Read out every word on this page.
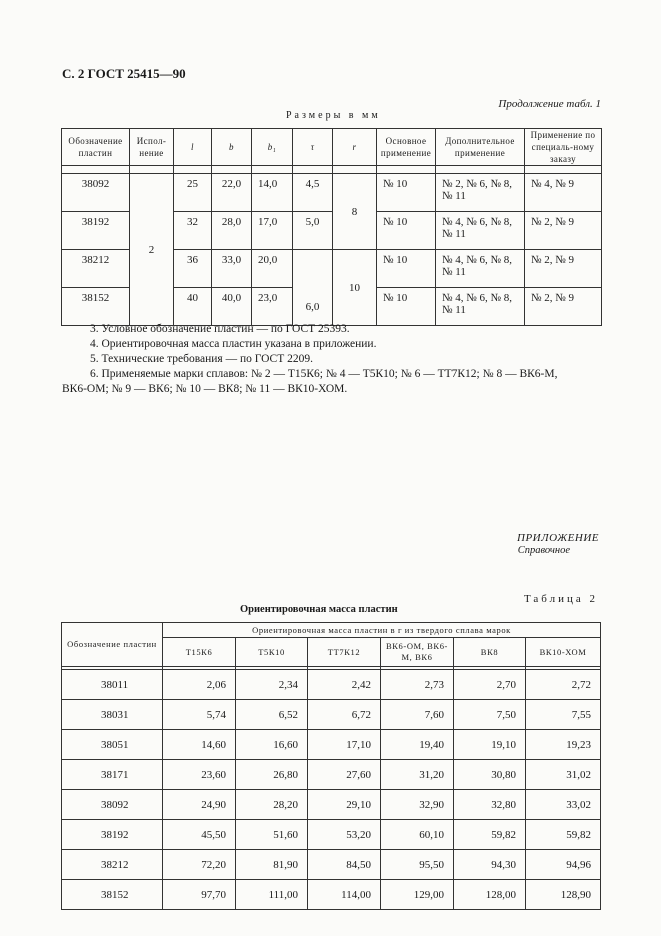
С. 2 ГОСТ 25415—90
Продолжение табл. 1
Размеры в мм
Обозначение пластин	Испол-нение	l	b	b₁	τ	r	Основное применение	Дополнительное применение	Применение по специаль-ному заказу

38092	2	25	22,0	14,0	4,5	8	№ 10	№ 2, № 6, № 8, № 11	№ 4, № 9
38192		32	28,0	17,0	5,0		№ 10	№ 4, № 6, № 8, № 11	№ 2, № 9
38212		36	33,0	20,0	6,0	10	№ 10	№ 4, № 6, № 8, № 11	№ 2, № 9
38152		40	40,0	23,0			№ 10	№ 4, № 6, № 8, № 11	№ 2, № 9

3. Условное обозначение пластин — по ГОСТ 25393.

4. Ориентировочная масса пластин указана в приложении.

5. Технические требования — по ГОСТ 2209.

6. Применяемые марки сплавов: № 2 — Т15К6; № 4 — Т5К10; № 6 — ТТ7К12; № 8 — ВК6-М,

ВК6-ОМ; № 9 — ВК6; № 10 — ВК8; № 11 — ВК10-ХОМ.

ПРИЛОЖЕНИЕ
Справочное
Таблица 2
Ориентировочная масса пластин
Обозначение пластин	Ориентировочная масса пластин в г из твердого сплава марок					
	Т15К6	Т5К10	ТТ7К12	ВК6-ОМ, ВК6-М, ВК6	ВК8	ВК10-ХОМ

38011	2,06	2,34	2,42	2,73	2,70	2,72
38031	5,74	6,52	6,72	7,60	7,50	7,55
38051	14,60	16,60	17,10	19,40	19,10	19,23
38171	23,60	26,80	27,60	31,20	30,80	31,02
38092	24,90	28,20	29,10	32,90	32,80	33,02
38192	45,50	51,60	53,20	60,10	59,82	59,82
38212	72,20	81,90	84,50	95,50	94,30	94,96
38152	97,70	111,00	114,00	129,00	128,00	128,90
